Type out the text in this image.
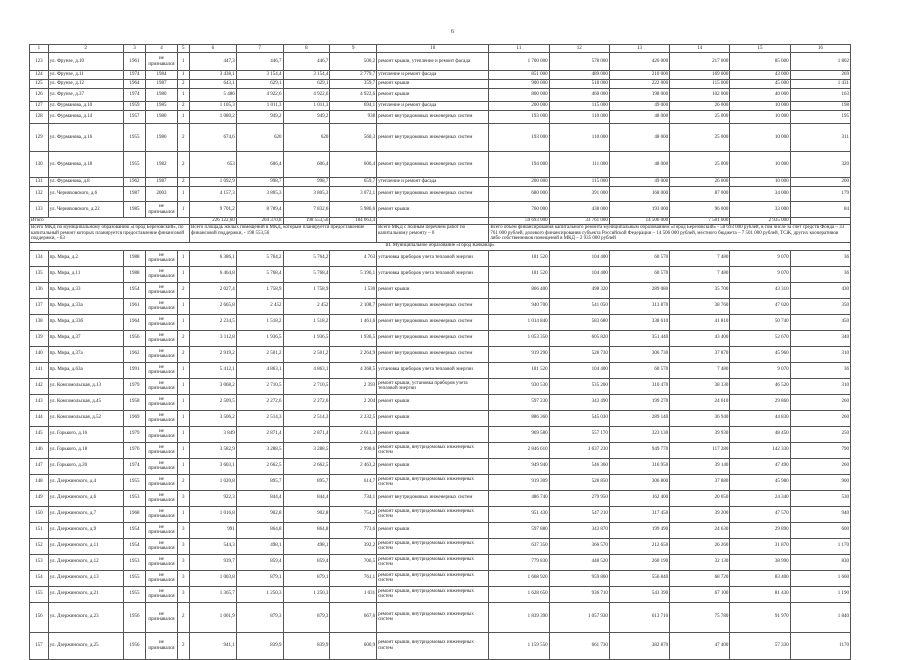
6
1	2	3	4	5	6	7	8	9	10	11	12	13	14	15	16
123	ул. Фрунзе, д.10	1961	не признавался	1	447,3	446,7	446,7	500,2	ремонт крыши, утепление и ремонт фасада	1 700 000	578 000	426 000	217 000	85 000	1 802
124	ул. Фрунзе, д.11	1974	1984	1	3 438,1	3 154,4	3 154,4	2 779,7	утепление и ремонт фасада	851 000	489 000	210 000	169 000	43 000	269
125	ул. Фрунзе, д.12	1964	1987	2	643,1	629,1	629,1	359,7	ремонт крыши	900 000	518 000	222 000	115 000	45 000	1 431
126	ул. Фрунзе, д.37	1974	1980	1	5 486	4 922,6	4 922,6	4 922,6	ремонт крыши	800 000	460 000	198 000	102 000	40 000	163
127	ул. Фурманова, д.10	1959	1985	2	1 105,3	1 011,3	1 011,3	694,1	утепление и ремонт фасада	200 000	115 000	49 000	26 000	10 000	198
128	ул. Фурманова, д.14	1957	1980	1	1 080,2	949,2	949,2	938	ремонт внутридомовых инженерных систем	193 000	110 000	48 000	25 000	10 000	195
129	ул. Фурманова, д.16	1955	1986	2	674,6	620	620	560,3	ремонт внутридомовых инженерных систем	193 000	110 000	48 000	25 000	10 000	311
130	ул. Фурманова, д.18	1955	1982	2	653	606,4	606,4	606,4	ремонт внутридомовых инженерных систем	194 000	111 000	48 000	25 000	10 000	320
131	ул. Фурманова, д.8	1962	1987	2	1 092,9	998,7	998,7	659,7	утепление и ремонт фасада	200 000	115 000	49 000	26 000	10 000	200
132	ул. Черняховского, д.6	1987	2003	1	4 157,3	3 805,3	3 805,3	3 072,1	ремонт внутридомовых инженерных систем	680 000	391 000	168 000	87 000	34 000	179
133	ул. Черняховского, д.22	1985	не признавался	1	9 701,2	8 789,4	7 832,6	5 986,6	ремонт крыши	760 000	438 000	193 000	96 000	33 000	84
Итого					226 122,60	204 370,8	198 553,56	184 063,4		59 693 000	33 761 000	14 506 000	7 501 000	2 935 000	
Всего МКД по муниципальному образованию «Город Березовский», по капитальный ремонт которых планируется предоставление финансовой поддержки, - 63					Всего площадь жилых помещений в МКД, которым планируется предоставление финансовой поддержки, - 198 553,56				Всего МКД с полным перечнем работ по капитальному ремонту – 0	Всего объем финансирования капитального ремонта муниципальным образованием «Город Березовский» - 58 693 000 рублей, в том числе за счет средств Фонда – 33 761 000 рублей, долевого финансирования субъекта Российской Федерации – 14 506 000 рублей, местного бюджета – 7 501 000 рублей, ТСЖ, других кооперативов либо собственников помещений в МКД – 2 935 000 рублей					
III. Муниципальное образование «Город Качканар»															
134	пр. Мира, д.2	1988	не признавался	1	6 386,1	5 764,2	5 764,2	4 763	установка приборов учета тепловой энергии	181 520	104 400	60 570	7 480	9 070	36
135	пр. Мира, д.11	1988	не признавался	1	6 464,8	5 768,4	5 768,4	5 196,1	установка приборов учета тепловой энергии	181 520	104 400	60 570	7 480	9 070	36
136	пр. Мира, д.33	1954	не признавался	2	2 027,4	1 758,9	1 758,9	1 530	ремонт крыши	866 400	498 320	289 080	35 700	43 310	430
137	пр. Мира, д.33а	1961	не признавался	1	2 665,8	2 452	2 452	2 108,7	ремонт внутридомовых инженерных систем	940 700	541 050	313 870	38 760	47 020	350
138	пр. Мира, д.33б	1964	не признавался	1	2 234,5	1 518,2	1 518,2	1 461,6	ремонт внутридомовых инженерных систем	1 014 840	583 680	338 610	41 810	50 740	450
139	пр. Мира, д.37	1956	не признавался	2	3 112,8	1 936,5	1 936,5	1 936,5	ремонт внутридомовых инженерных систем	1 053 350	605 820	351 440	43 400	52 670	340
140	пр. Мира, д.37а	1962	не признавался	2	2 919,2	2 501,2	2 501,2	2 264,9	ремонт внутридомовых инженерных систем	919 290	528 730	306 730	37 870	45 960	310
141	пр. Мира, д.63а	1991	не признавался	1	5 412,1	4 863,1	4 863,1	4 368,5	установка приборов учета тепловой энергии	181 520	104 400	60 570	7 480	9 070	36
142	ул. Комсомольская, д.13	1979	не признавался	1	3 068,2	2 710,5	2 710,5	2 393	ремонт крыши, установка приборов учета тепловой энергии	930 530	535 200	310 470	38 330	46 520	310
143	ул. Комсомольская, д.45	1958	не признавался	1	2 509,5	2 272,6	2 272,6	2 204	ремонт крыши	597 230	343 490	199 270	24 610	29 860	260
144	ул. Комсомольская, д.52	1969	не признавался	1	3 506,2	2 514,3	2 514,3	2 232,5	ремонт крыши	886 360	545 030	289 140	36 940	44 830	260
145	ул. Горького, д.16	1979	не признавался	1	3 849	2 871,4	2 871,4	2 611,3	ремонт крыши	969 580	557 170	323 130	39 930	48 450	250
146	ул. Горького, д.18	1976	не признавался	1	3 582,9	3 288,5	3 288,5	2 990,6	ремонт крыши, внутридомовых инженерных систем	2 846 610	1 637 230	949 770	117 280	142 330	790
147	ул. Горького, д.20	1974	не признавался	1	3 603,1	2 662,5	2 662,5	2 463,2	ремонт крыши	949 940	546 360	316 950	39 140	47 490	260
148	ул. Дзержинского, д.4	1955	не признавался	2	1 020,8	895,7	895,7	614,7	ремонт крыши, внутридомовых инженерных систем	919 309	528 850	306 800	37 880	45 980	900
149	ул. Дзержинского, д.6	1953	не признавался	3	922,3	844,4	844,4	734,1	ремонт внутридомовых инженерных систем	486 740	279 950	162 400	20 050	24 340	530
150	ул. Дзержинского, д.7	1968	не признавался	1	1 016,8	902,8	902,8	754,2	ремонт крыши, внутридомовых инженерных систем	951 430	547 210	317 450	39 200	47 570	940
151	ул. Дзержинского, д.9	1954	не признавался	3	991	864,8	864,8	773,6	ремонт крыши	597 880	343 870	199 490	24 630	29 890	600
152	ул. Дзержинского, д.11	1954	не признавался	3	544,3	498,1	498,1	392,2	ремонт крыши, внутридомовых инженерных систем	637 350	366 570	212 650	26 260	31 870	1 170
153	ул. Дзержинского, д.12	1953	не признавался	3	939,7	859,4	859,4	706,5	ремонт крыши, внутридомовых инженерных систем	779 830	448 520	260 190	32 130	38 990	830
154	ул. Дзержинского, д.13	1955	не признавался	3	1 003,8	879,1	879,1	761,1	ремонт крыши, внутридомовых инженерных систем	1 668 920	959 860	556 840	68 720	83 400	1 660
155	ул. Дзержинского, д.21	1955	не признавался	3	1 365,7	1 250,3	1 250,3	1 031	ремонт крыши, внутридомовых инженерных систем	1 628 650	936 710	543 390	67 100	81 430	1 190
156	ул. Дзержинского, д.23	1956	не признавался	2	1 001,9	879,3	879,3	667,6	ремонт крыши, внутридомовых инженерных систем	1 839 390	1 057 930	613 710	75 780	91 970	1 840
157	ул. Дзержинского, д.25	1956	не признавался	2	941,1	839,9	839,9	606,9	ремонт крыши, внутридомовых инженерных систем	1 159 550	661 730	382 870	47 400	57 330	1170
